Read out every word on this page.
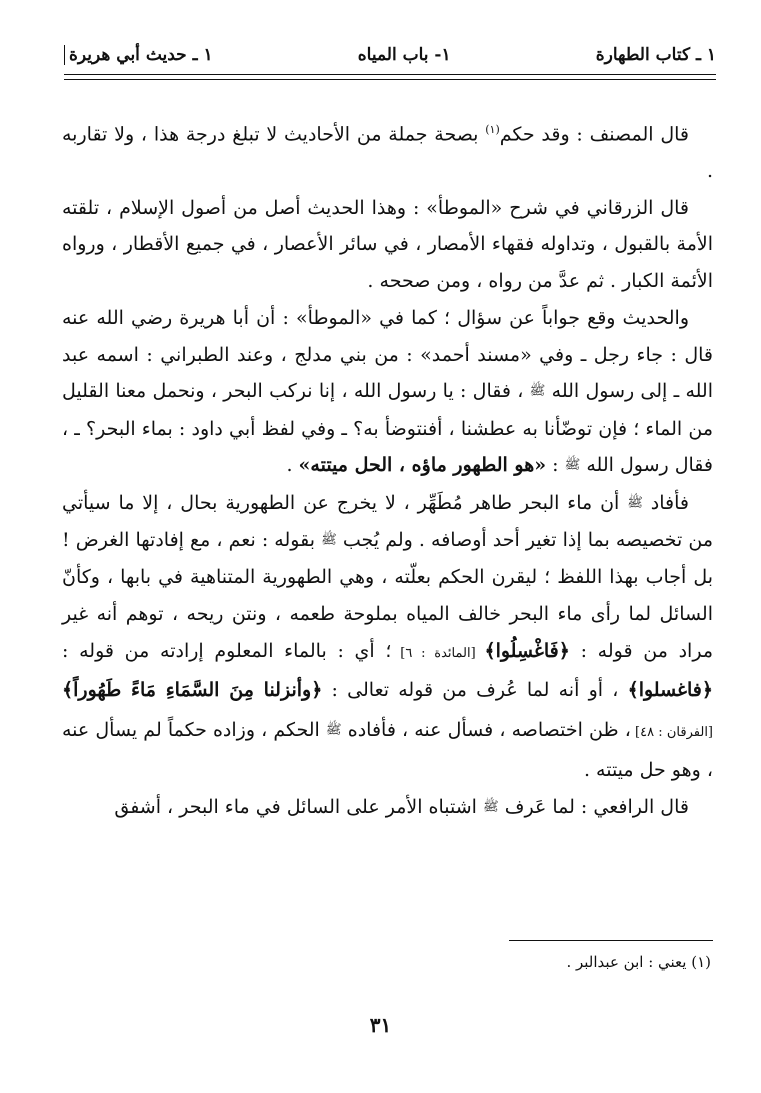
١ ـ كتاب الطهارة
١- باب المياه
١ ـ حديث أبي هريرة

قال المصنف : وقد حكم$^{(١)}$ بصحة جملة من الأحاديث لا تبلغ درجة هذا ، ولا تقاربه .

قال الزرقاني في شرح «الموطأ» : وهذا الحديث أصل من أصول الإسلام ، تلقته الأمة بالقبول ، وتداوله فقهاء الأمصار ، في سائر الأعصار ، في جميع الأقطار ، ورواه الأئمة الكبار . ثم عدَّ من رواه ، ومن صححه .

والحديث وقع جواباً عن سؤال ؛ كما في «الموطأ» : أن أبا هريرة رضي الله عنه قال : جاء رجل ـ وفي «مسند أحمد» : من بني مدلج ، وعند الطبراني : اسمه عبد الله ـ إلى رسول الله ﷺ ، فقال : يا رسول الله ، إنا نركب البحر ، ونحمل معنا القليل من الماء ؛ فإن توضّأنا به عطشنا ، أفنتوضأ به؟ ـ وفي لفظ أبي داود : بماء البحر؟ ـ ، فقال رسول الله ﷺ : «هو الطهور ماؤه ، الحل ميتته» .

فأفاد ﷺ أن ماء البحر طاهر مُطَهِّر ، لا يخرج عن الطهورية بحال ، إلا ما سيأتي من تخصيصه بما إذا تغير أحد أوصافه . ولم يُجب ﷺ بقوله : نعم ، مع إفادتها الغرض ! بل أجاب بهذا اللفظ ؛ ليقرن الحكم بعلّته ، وهي الطهورية المتناهية في بابها ، وكأنّ السائل لما رأى ماء البحر خالف المياه بملوحة طعمه ، ونتن ريحه ، توهم أنه غير مراد من قوله : ﴿فَاغْسِلُوا﴾ [المائدة : ٦] ؛ أي : بالماء المعلوم إرادته من قوله : ﴿فاغسلوا﴾ ، أو أنه لما عُرف من قوله تعالى : ﴿وأنزلنا مِنَ السَّمَاءِ مَاءً طَهُوراً﴾ [الفرقان : ٤٨] ، ظن اختصاصه ، فسأل عنه ، فأفاده ﷺ الحكم ، وزاده حكماً لم يسأل عنه ، وهو حل ميتته .

قال الرافعي : لما عَرف ﷺ اشتباه الأمر على السائل في ماء البحر ، أشفق

(١) يعني : ابن عبدالبر .
٣١
